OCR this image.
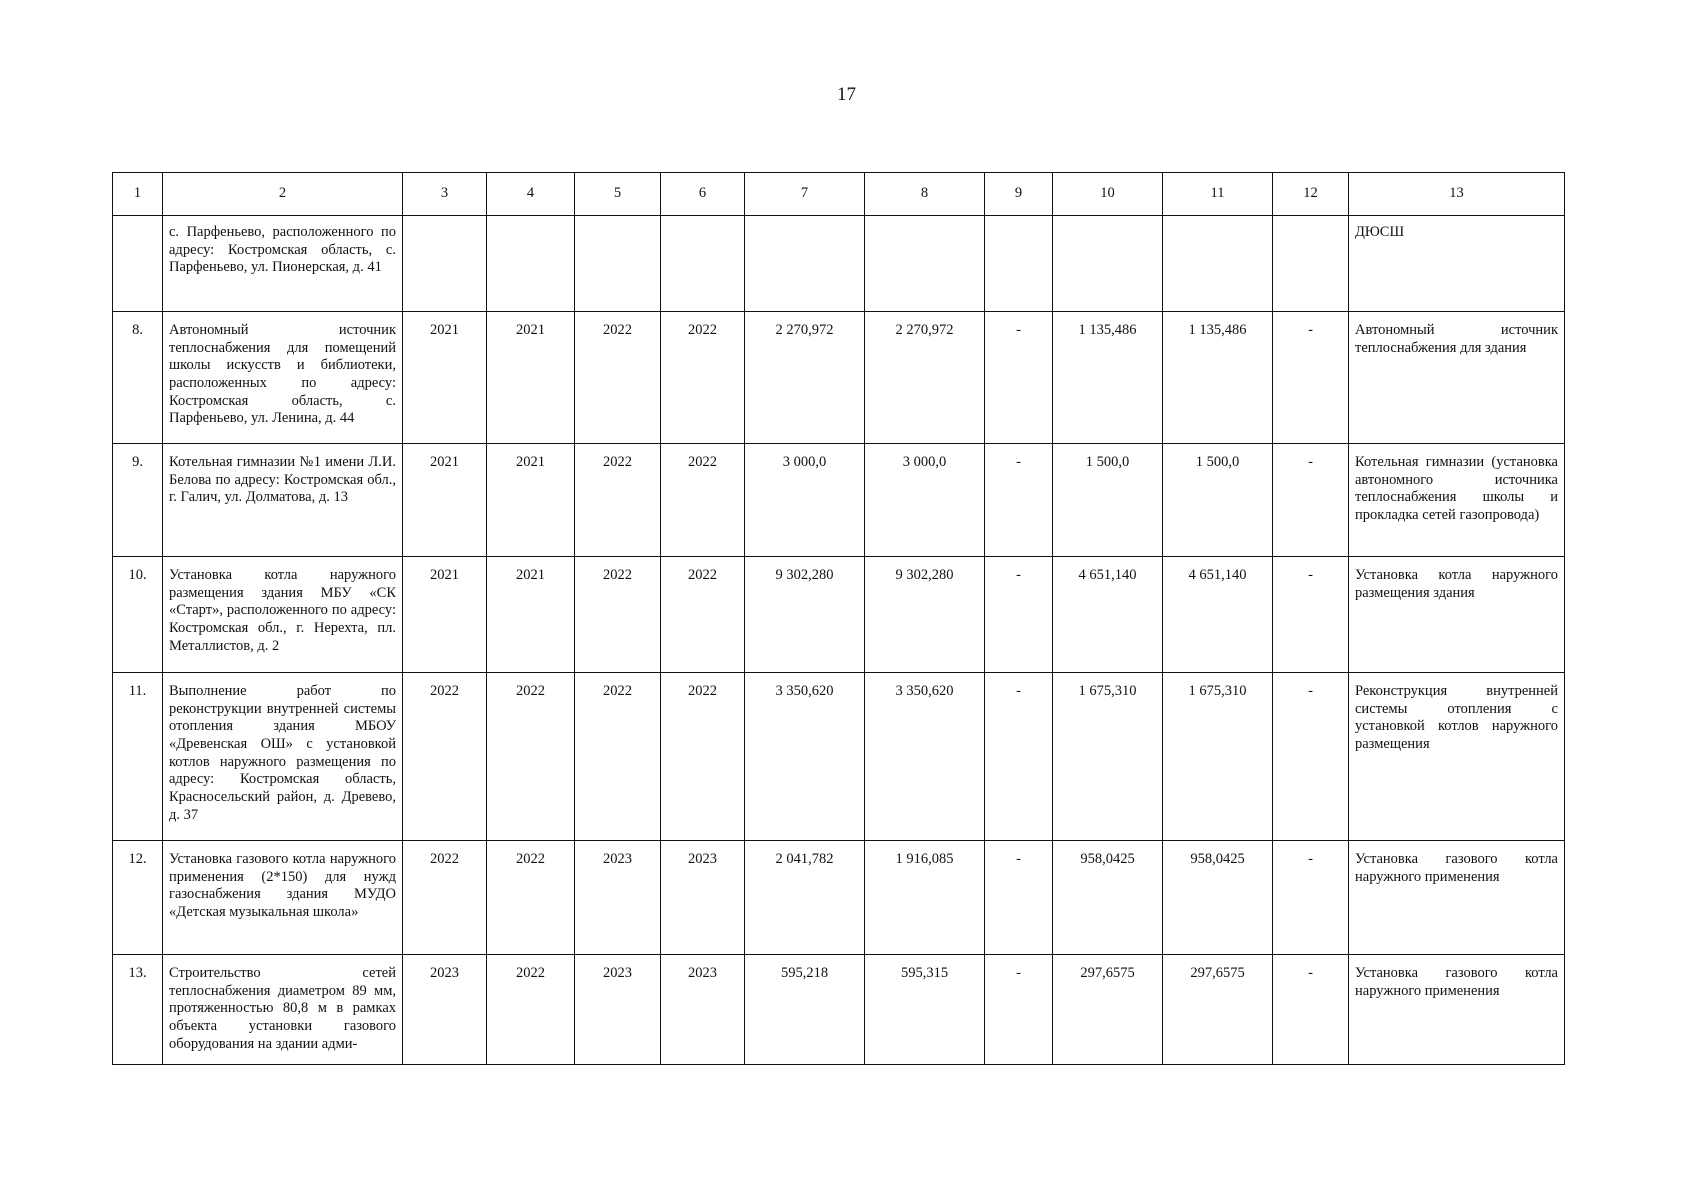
17
1	2	3	4	5	6	7	8	9	10	11	12	13
	с. Парфеньево, расположенного по адресу: Костромская область, с. Парфеньево, ул. Пионерская, д. 41											ДЮСШ
8.	Автономный источник теплоснабжения для помещений школы искусств и библиотеки, расположенных по адресу: Костромская область, с. Парфеньево, ул. Ленина, д. 44	2021	2021	2022	2022	2 270,972	2 270,972	-	1 135,486	1 135,486	-	Автономный источник теплоснабжения для здания
9.	Котельная гимназии №1 имени Л.И. Белова по адресу: Костромская обл., г. Галич, ул. Долматова, д. 13	2021	2021	2022	2022	3 000,0	3 000,0	-	1 500,0	1 500,0	-	Котельная гимназии (установка автономного источника теплоснабжения школы и прокладка сетей газопровода)
10.	Установка котла наружного размещения здания МБУ «СК «Старт», расположенного по адресу: Костромская обл., г. Нерехта, пл. Металлистов, д. 2	2021	2021	2022	2022	9 302,280	9 302,280	-	4 651,140	4 651,140	-	Установка котла наружного размещения здания
11.	Выполнение работ по реконструкции внутренней системы отопления здания МБОУ «Древенская ОШ» с установкой котлов наружного размещения по адресу: Костромская область, Красносельский район, д. Древево, д. 37	2022	2022	2022	2022	3 350,620	3 350,620	-	1 675,310	1 675,310	-	Реконструкция внутренней системы отопления с установкой котлов наружного размещения
12.	Установка газового котла наружного применения (2*150) для нужд газоснабжения здания МУДО «Детская музыкальная школа»	2022	2022	2023	2023	2 041,782	1 916,085	-	958,0425	958,0425	-	Установка газового котла наружного применения
13.	Строительство сетей теплоснабжения диаметром 89 мм, протяженностью 80,8 м в рамках объекта установки газового оборудования на здании адми-	2023	2022	2023	2023	595,218	595,315	-	297,6575	297,6575	-	Установка газового котла наружного применения
